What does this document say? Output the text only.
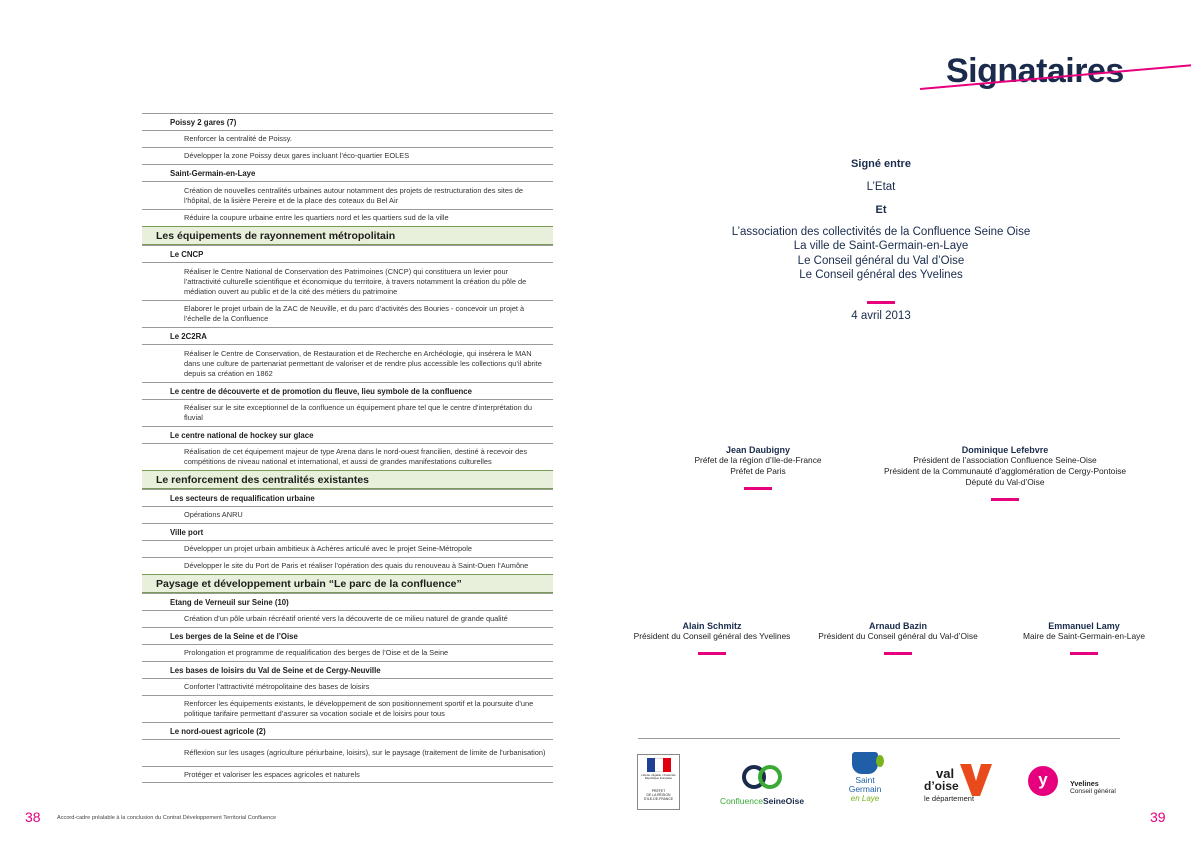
Poissy 2 gares (7)
Renforcer la centralité de Poissy.
Développer la zone Poissy deux gares incluant l’éco-quartier EOLES
Saint-Germain-en-Laye
Création de nouvelles centralités urbaines autour notamment des projets de restructuration des sites de l’hôpital, de la lisière Pereire et de la place des coteaux du Bel Air
Réduire la coupure urbaine entre les quartiers nord et les quartiers sud de la ville
Les équipements de rayonnement métropolitain
Le CNCP
Réaliser le Centre National de Conservation des Patrimoines (CNCP) qui constituera un levier pour l’attractivité culturelle scientifique et économique du territoire, à travers notamment la création du pôle de médiation ouvert au public et de la cité des métiers du patrimoine
Elaborer le projet urbain de la ZAC de Neuville, et du parc d’activités des Bouries - concevoir un projet à l’échelle de la Confluence
Le 2C2RA
Réaliser le Centre de Conservation, de Restauration et de Recherche en Archéologie, qui insérera le MAN dans une culture de partenariat permettant de valoriser et de rendre plus accessible les collections qu’il abrite depuis sa création en 1862
Le centre de découverte et de promotion du fleuve, lieu symbole de la confluence
Réaliser sur le site exceptionnel de la confluence un équipement phare tel que le centre d’interprétation du fluvial
Le centre national de hockey sur glace
Réalisation de cet équipement majeur de type Arena dans le nord-ouest francilien, destiné à recevoir des compétitions de niveau national et international, et aussi de grandes manifestations culturelles
Le renforcement des centralités existantes
Les secteurs de requalification urbaine
Opérations ANRU
Ville port
Développer un projet urbain ambitieux à Achères articulé avec le projet Seine-Métropole
Développer le site du Port de Paris et réaliser l’opération des quais du renouveau à Saint-Ouen l’Aumône
Paysage et développement urbain “Le parc de la confluence”
Etang de Verneuil sur Seine (10)
Création d’un pôle urbain récréatif orienté vers la découverte de ce milieu naturel de grande qualité
Les berges de la Seine et de l’Oise
Prolongation et programme de requalification des berges de l’Oise et de la Seine
Les bases de loisirs du Val de Seine et de Cergy-Neuville
Conforter l’attractivité métropolitaine des bases de loisirs
Renforcer les équipements existants, le développement de son positionnement sportif et la poursuite d’une politique tarifaire permettant d’assurer sa vocation sociale et de loisirs pour tous
Le nord-ouest agricole (2)
Réflexion sur les usages (agriculture périurbaine, loisirs), sur le paysage (traitement de limite de l’urbanisation)
Protéger et valoriser les espaces agricoles et naturels
38	Accord-cadre préalable à la conclusion du Contrat Développement Territorial Confluence
Signataires
Signé entre
L’Etat
Et
L’association des collectivités de la Confluence Seine Oise
La ville de Saint-Germain-en-Laye
Le Conseil général du Val d’Oise
Le Conseil général des Yvelines
4 avril 2013
Jean Daubigny
Préfet de la région d’Ile-de-France
Préfet de Paris
Dominique Lefebvre
Président de l’association Confluence Seine-Oise
Président de la Communauté d’agglomération de Cergy-Pontoise
Député du Val-d’Oise
Alain Schmitz
Président du Conseil général des Yvelines
Arnaud Bazin
Président du Conseil général du Val-d’Oise
Emmanuel Lamy
Maire de Saint-Germain-en-Laye
Liberté • Égalité • Fraternité
République Française
PRÉFET
DE LA RÉGION
D’ILE-DE-FRANCE	ConfluenceSeineOise
Saint
Germain
en Laye
val
d’oise
le département
y	Yvelines
Conseil général
39
